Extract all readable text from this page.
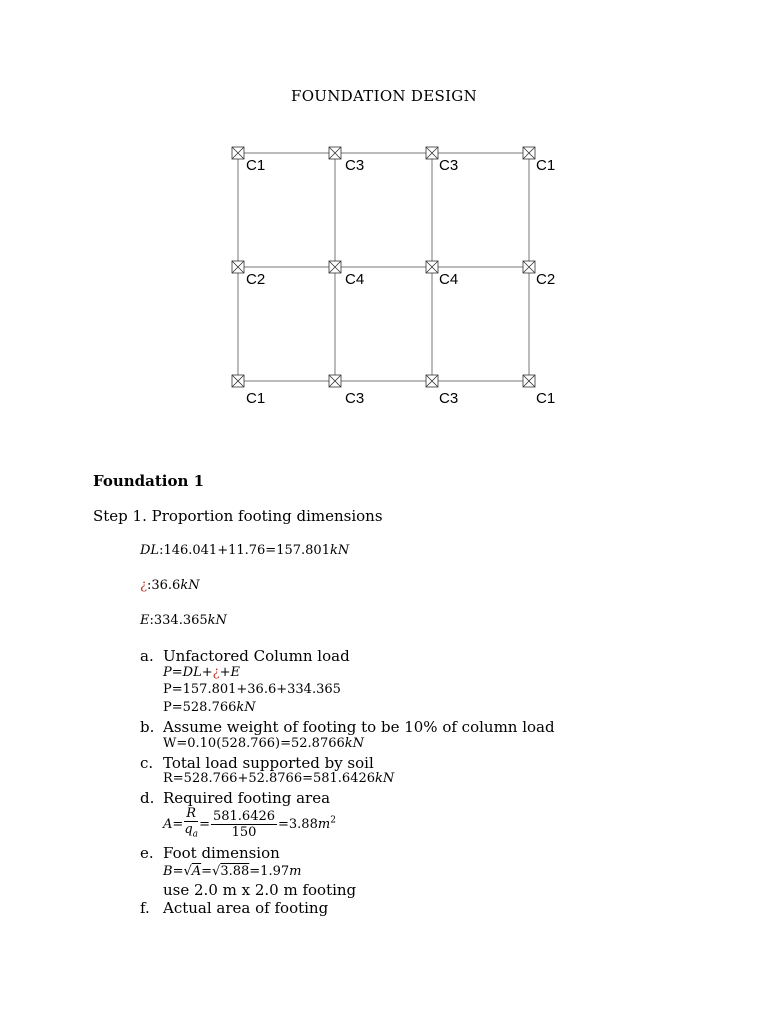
FOUNDATION DESIGN
C1	C3	C3	C1
C2	C4	C4	C2
C1	C3	C3	C1
Foundation 1
Step 1. Proportion footing dimensions
DL:146.041+11.76=157.801kN
¿:36.6kN
E:334.365kN
a. Unfactored Column load
P=DL+¿+E
P=157.801+36.6+334.365
P=528.766kN
b. Assume weight of footing to be 10% of column load
W=0.10(528.766)=52.8766kN
c. Total load supported by soil
R=528.766+52.8766=581.6426kN
d. Required footing area
$A= \frac{R}{q_a} = \frac{581.6426}{150} =3.88m^2$
e. Foot dimension
B=√A=√3.88=1.97m
use 2.0 m x 2.0 m footing
f. Actual area of footing
